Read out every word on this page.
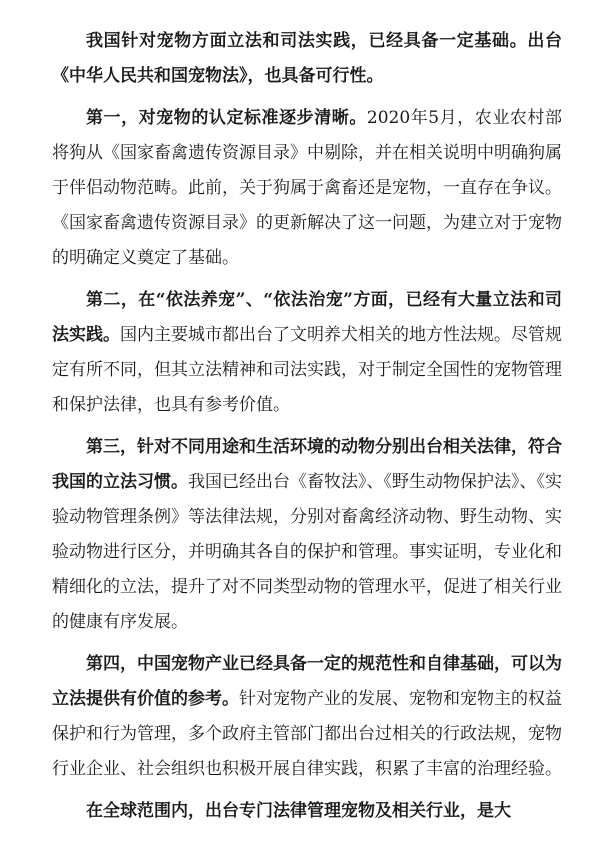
我国针对宠物方面立法和司法实践，已经具备一定基础。出台《中华人民共和国宠物法》，也具备可行性。

第一，对宠物的认定标准逐步清晰。2020年5月，农业农村部将狗从《国家畜禽遗传资源目录》中剔除，并在相关说明中明确狗属于伴侣动物范畴。此前，关于狗属于禽畜还是宠物，一直存在争议。《国家畜禽遗传资源目录》的更新解决了这一问题，为建立对于宠物的明确定义奠定了基础。

第二，在“依法养宠”、“依法治宠”方面，已经有大量立法和司法实践。国内主要城市都出台了文明养犬相关的地方性法规。尽管规定有所不同，但其立法精神和司法实践，对于制定全国性的宠物管理和保护法律，也具有参考价值。

第三，针对不同用途和生活环境的动物分别出台相关法律，符合我国的立法习惯。我国已经出台《畜牧法》、《野生动物保护法》、《实验动物管理条例》等法律法规，分别对畜禽经济动物、野生动物、实验动物进行区分，并明确其各自的保护和管理。事实证明，专业化和精细化的立法，提升了对不同类型动物的管理水平，促进了相关行业的健康有序发展。

第四，中国宠物产业已经具备一定的规范性和自律基础，可以为立法提供有价值的参考。针对宠物产业的发展、宠物和宠物主的权益保护和行为管理，多个政府主管部门都出台过相关的行政法规，宠物行业企业、社会组织也积极开展自律实践，积累了丰富的治理经验。

在全球范围内，出台专门法律管理宠物及相关行业，是大
